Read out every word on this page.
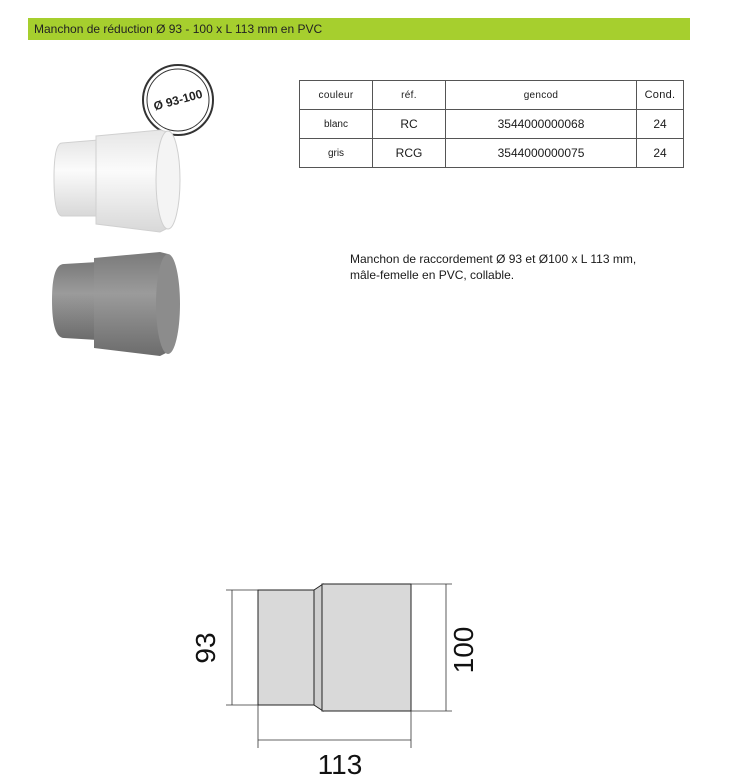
Manchon de réduction Ø 93 - 100 x L 113 mm en PVC
Ø 93-100	couleur	réf.	gencod	Cond.
blanc	RC	3544000000068	24
gris	RCG	3544000000075	24

Manchon de raccordement Ø 93 et Ø100 x L 113 mm,

mâle-femelle en PVC, collable.

93	100
113
